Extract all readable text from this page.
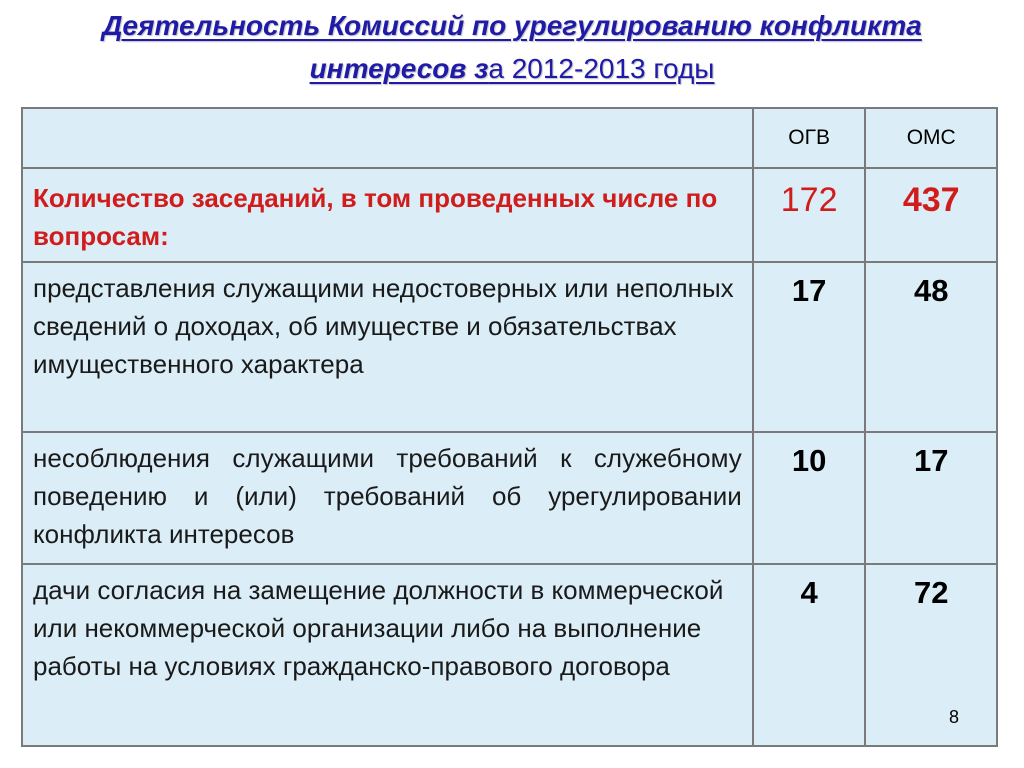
Деятельность Комиссий по урегулированию конфликта
интересов за 2012-2013 годы
	ОГВ	ОМС

Количество заседаний, в том проведенных числе по вопросам:	172	437

представления служащими недостоверных или неполных сведений о доходах, об имуществе и обязательствах имущественного характера	17	48

несоблюдения служащими требований к служебному поведению и (или) требований об урегулировании конфликта интересов	10	17

дачи согласия на замещение должности в коммерческой или некоммерческой организации либо на выполнение работы на условиях гражданско-правового договора	4	72
8
